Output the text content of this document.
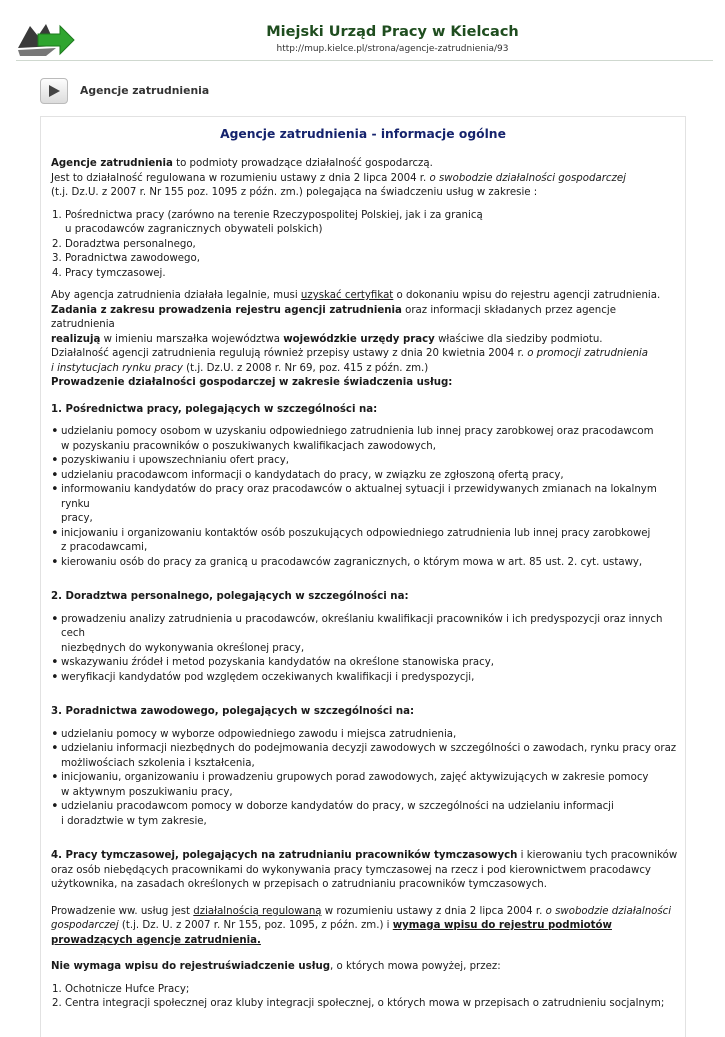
Miejski Urząd Pracy w Kielcach
http://mup.kielce.pl/strona/agencje-zatrudnienia/93
Agencje zatrudnienia
Agencje zatrudnienia - informacje ogólne

Agencje zatrudnienia to podmioty prowadzące działalność gospodarczą.

Jest to działalność regulowana w rozumieniu ustawy z dnia 2 lipca 2004 r. o swobodzie działalności gospodarczej

(t.j. Dz.U. z 2007 r. Nr 155 poz. 1095 z późn. zm.) polegająca na świadczeniu usług w zakresie :

1. Pośrednictwa pracy (zarówno na terenie Rzeczypospolitej Polskiej, jak i za granicą
u pracodawców zagranicznych obywateli polskich)
2. Doradztwa personalnego,
3. Poradnictwa zawodowego,
4. Pracy tymczasowej.

Aby agencja zatrudnienia działała legalnie, musi uzyskać certyfikat o dokonaniu wpisu do rejestru agencji zatrudnienia.

Zadania z zakresu prowadzenia rejestru agencji zatrudnienia oraz informacji składanych przez agencje zatrudnienia

realizują w imieniu marszałka województwa wojewódzkie urzędy pracy właściwe dla siedziby podmiotu.

Działalność agencji zatrudnienia regulują również przepisy ustawy z dnia 20 kwietnia 2004 r. o promocji zatrudnienia

i instytucjach rynku pracy (t.j. Dz.U. z 2008 r. Nr 69, poz. 415 z późn. zm.)

Prowadzenie działalności gospodarczej w zakresie świadczenia usług:

1. Pośrednictwa pracy, polegających w szczególności na:

• udzielaniu pomocy osobom w uzyskaniu odpowiedniego zatrudnienia lub innej pracy zarobkowej oraz pracodawcom
w pozyskaniu pracowników o poszukiwanych kwalifikacjach zawodowych,
• pozyskiwaniu i upowszechnianiu ofert pracy,
• udzielaniu pracodawcom informacji o kandydatach do pracy, w związku ze zgłoszoną ofertą pracy,
• informowaniu kandydatów do pracy oraz pracodawców o aktualnej sytuacji i przewidywanych zmianach na lokalnym rynku
pracy,
• inicjowaniu i organizowaniu kontaktów osób poszukujących odpowiedniego zatrudnienia lub innej pracy zarobkowej
z pracodawcami,
• kierowaniu osób do pracy za granicą u pracodawców zagranicznych, o którym mowa w art. 85 ust. 2. cyt. ustawy,

2. Doradztwa personalnego, polegających w szczególności na:

• prowadzeniu analizy zatrudnienia u pracodawców, określaniu kwalifikacji pracowników i ich predyspozycji oraz innych cech
niezbędnych do wykonywania określonej pracy,
• wskazywaniu źródeł i metod pozyskania kandydatów na określone stanowiska pracy,
• weryfikacji kandydatów pod względem oczekiwanych kwalifikacji i predyspozycji,

3. Poradnictwa zawodowego, polegających w szczególności na:

• udzielaniu pomocy w wyborze odpowiedniego zawodu i miejsca zatrudnienia,
• udzielaniu informacji niezbędnych do podejmowania decyzji zawodowych w szczególności o zawodach, rynku pracy oraz
możliwościach szkolenia i kształcenia,
• inicjowaniu, organizowaniu i prowadzeniu grupowych porad zawodowych, zajęć aktywizujących w zakresie pomocy
w aktywnym poszukiwaniu pracy,
• udzielaniu pracodawcom pomocy w doborze kandydatów do pracy, w szczególności na udzielaniu informacji
i doradztwie w tym zakresie,

4. Pracy tymczasowej, polegających na zatrudnianiu pracowników tymczasowych i kierowaniu tych pracowników

oraz osób niebędących pracownikami do wykonywania pracy tymczasowej na rzecz i pod kierownictwem pracodawcy

użytkownika, na zasadach określonych w przepisach o zatrudnianiu pracowników tymczasowych.

Prowadzenie ww. usług jest działalnością regulowaną w rozumieniu ustawy z dnia 2 lipca 2004 r. o swobodzie działalności

gospodarczej (t.j. Dz. U. z 2007 r. Nr 155, poz. 1095, z późn. zm.) i wymaga wpisu do rejestru podmiotów

prowadzących agencje zatrudnienia.

Nie wymaga wpisu do rejestruświadczenie usług, o których mowa powyżej, przez:

1. Ochotnicze Hufce Pracy;
2. Centra integracji społecznej oraz kluby integracji społecznej, o których mowa w przepisach o zatrudnieniu socjalnym;
